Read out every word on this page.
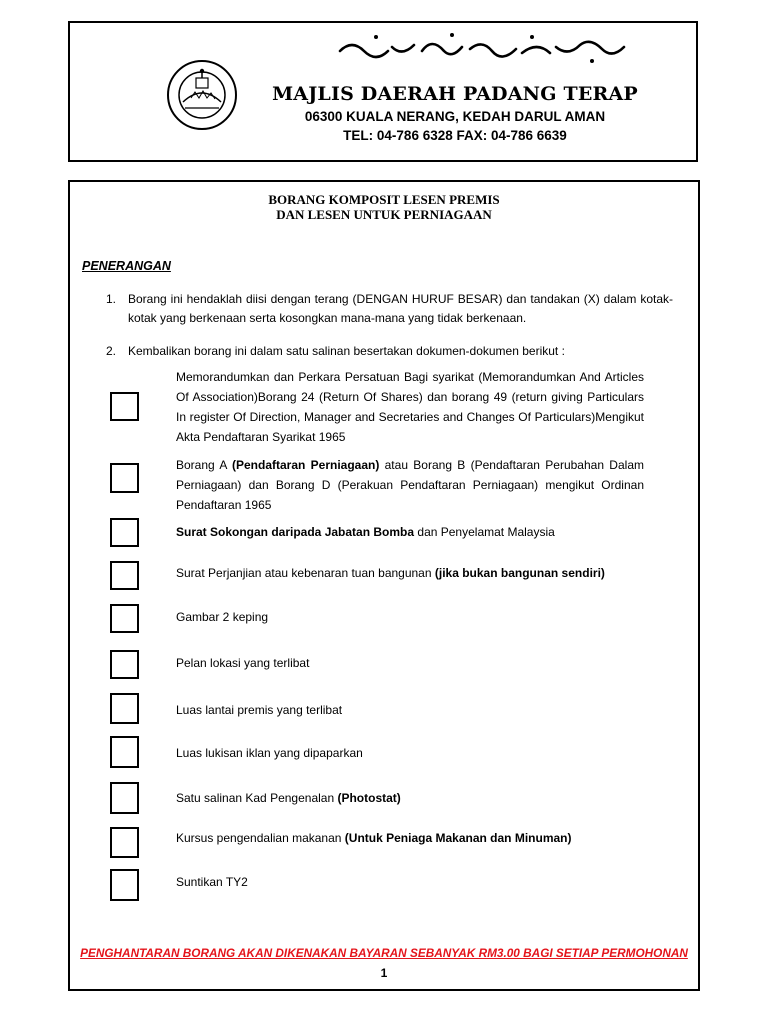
MAJLIS DAERAH PADANG TERAP
06300 KUALA NERANG, KEDAH DARUL AMAN
TEL: 04-786 6328 FAX: 04-786 6639
BORANG KOMPOSIT LESEN PREMIS
DAN LESEN UNTUK PERNIAGAAN
PENERANGAN
1. Borang ini hendaklah diisi dengan terang (DENGAN HURUF BESAR) dan tandakan (X) dalam kotak-kotak yang berkenaan serta kosongkan mana-mana yang tidak berkenaan.
2. Kembalikan borang ini dalam satu salinan besertakan dokumen-dokumen berikut :
Memorandumkan dan Perkara Persatuan Bagi syarikat (Memorandumkan And Articles Of Association)Borang 24 (Return Of Shares) dan borang 49 (return giving Particulars In register Of Direction, Manager and Secretaries and Changes Of Particulars)Mengikut Akta Pendaftaran Syarikat 1965
Borang A (Pendaftaran Perniagaan) atau Borang B (Pendaftaran Perubahan Dalam Perniagaan) dan Borang D (Perakuan Pendaftaran Perniagaan) mengikut Ordinan Pendaftaran 1965
Surat Sokongan daripada Jabatan Bomba dan Penyelamat Malaysia
Surat Perjanjian atau kebenaran tuan bangunan (jika bukan bangunan sendiri)
Gambar 2 keping
Pelan lokasi yang terlibat
Luas lantai premis yang terlibat
Luas lukisan iklan yang dipaparkan
Satu salinan Kad Pengenalan (Photostat)
Kursus pengendalian makanan (Untuk Peniaga Makanan dan Minuman)
Suntikan TY2
PENGHANTARAN BORANG AKAN DIKENAKAN BAYARAN SEBANYAK RM3.00 BAGI SETIAP PERMOHONAN
1
